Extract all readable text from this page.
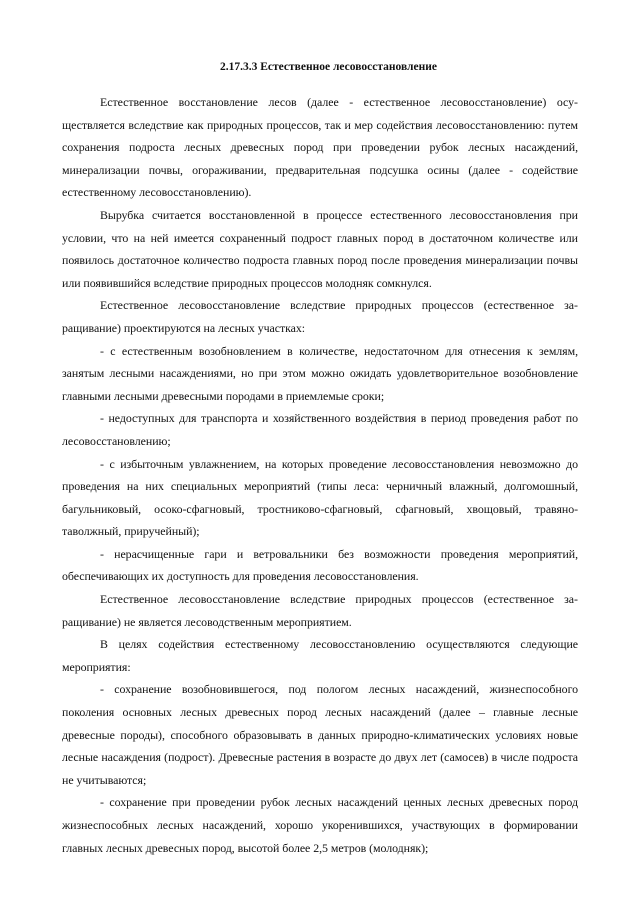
2.17.3.3 Естественное лесовосстановление

Естественное восстановление лесов (далее - естественное лесовосстановление) осуществляется вследствие как природных процессов, так и мер содействия лесовосстановлению: путем сохранения подроста лесных древесных пород при проведении рубок лесных насаждений, минерализации почвы, огораживании, предварительная подсушка осины (далее - содействие естественному лесовосстановлению).

Вырубка считается восстановленной в процессе естественного лесовосстановления при условии, что на ней имеется сохраненный подрост главных пород в достаточном количестве или появилось достаточное количество подроста главных пород после проведения минерализации почвы или появившийся вследствие природных процессов молодняк сомкнулся.

Естественное лесовосстановление вследствие природных процессов (естественное заращивание) проектируются на лесных участках:

- с естественным возобновлением в количестве, недостаточном для отнесения к землям, занятым лесными насаждениями, но при этом можно ожидать удовлетворительное возобновление главными лесными древесными породами в приемлемые сроки;

- недоступных для транспорта и хозяйственного воздействия в период проведения работ по лесовосстановлению;

- с избыточным увлажнением, на которых проведение лесовосстановления невозможно до проведения на них специальных мероприятий (типы леса: черничный влажный, долгомошный, багульниковый, осоко-сфагновый, тростниково-сфагновый, сфагновый, хвощовый, травяно-таволжный, приручейный);

- нерасчищенные гари и ветровальники без возможности проведения мероприятий, обеспечивающих их доступность для проведения лесовосстановления.

Естественное лесовосстановление вследствие природных процессов (естественное заращивание) не является лесоводственным мероприятием.

В целях содействия естественному лесовосстановлению осуществляются следующие мероприятия:

- сохранение возобновившегося, под пологом лесных насаждений, жизнеспособного поколения основных лесных древесных пород лесных насаждений (далее – главные лесные древесные породы), способного образовывать в данных природно-климатических условиях новые лесные насаждения (подрост). Древесные растения в возрасте до двух лет (самосев) в числе подроста не учитываются;

- сохранение при проведении рубок лесных насаждений ценных лесных древесных пород жизнеспособных лесных насаждений, хорошо укоренившихся, участвующих в формировании главных лесных древесных пород, высотой более 2,5 метров (молодняк);
